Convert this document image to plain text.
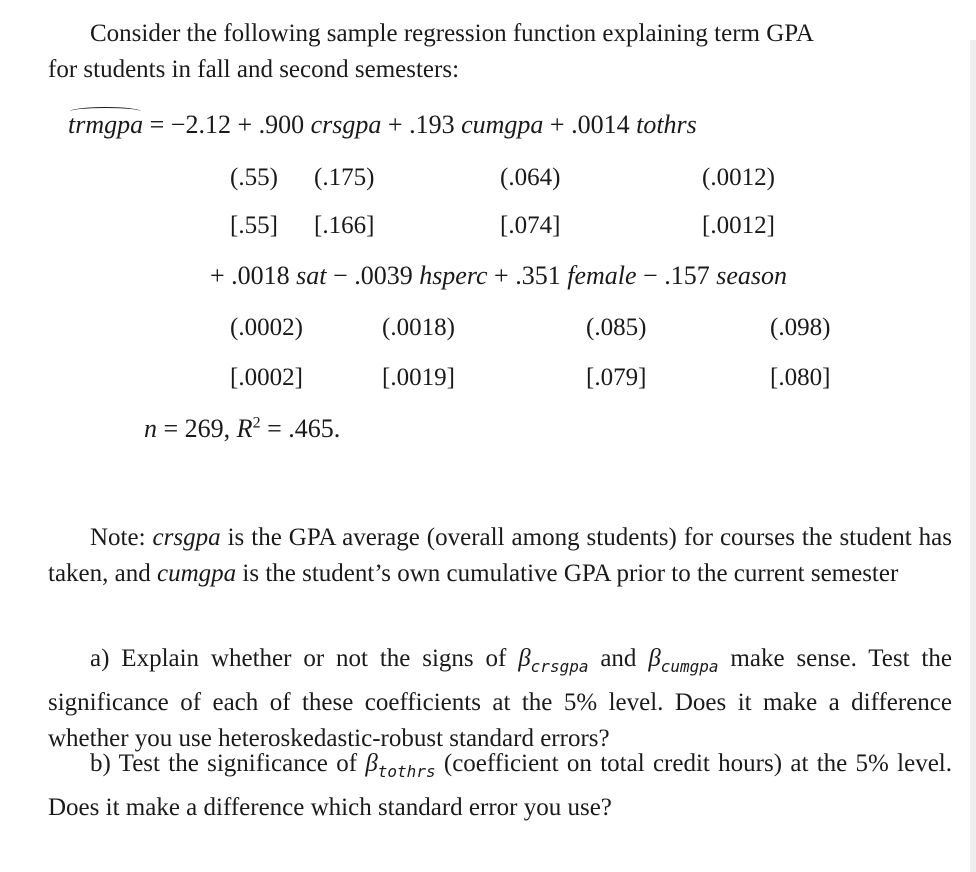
Consider the following sample regression function explaining term GPA
for students in fall and second semesters:

trmgpa = −2.12 + .900 crsgpa + .193 cumgpa + .0014 tothrs
(.55) (.175)	(.064)	(.0012)
[.55] [.166]	[.074]	[.0012]
+ .0018 sat − .0039 hsperc + .351 female − .157 season
(.0002)	(.0018)	(.085)	(.098)
[.0002]	[.0019]	[.079]	[.080]
n = 269, $R^2 = .465$.

Note: crsgpa is the GPA average (overall among students) for courses the student has taken, and cumgpa is the student’s own cumulative GPA prior to the current semester

a) Explain whether or not the signs of $\beta_{crsgpa}$ and $\beta_{cumgpa}$ make sense. Test the significance of each of these coefficients at the 5% level. Does it make a difference whether you use heteroskedastic-robust standard errors?

b) Test the significance of $\beta_{tothrs}$ (coefficient on total credit hours) at the 5% level. Does it make a difference which standard error you use?
